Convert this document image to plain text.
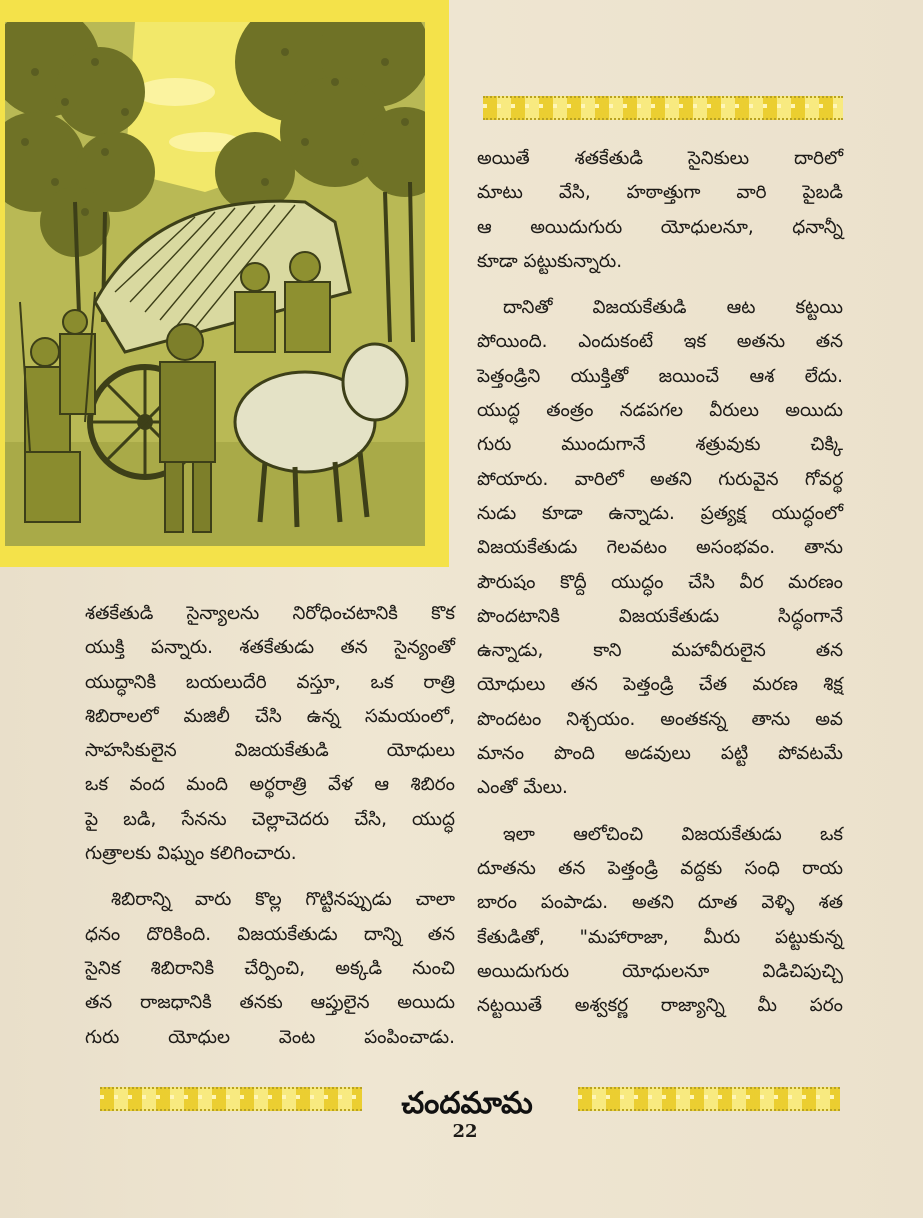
శతకేతుడి సైన్యాలను నిరోధించటానికి కొక

యుక్తి పన్నారు. శతకేతుడు తన సైన్యంతో

యుద్ధానికి బయలుదేరి వస్తూ, ఒక రాత్రి

శిబిరాలలో మజిలీ చేసి ఉన్న సమయంలో,

సాహసికులైన విజయకేతుడి యోధులు

ఒక వంద మంది అర్థరాత్రి వేళ ఆ శిబిరం

పై బడి, సేనను చెల్లాచెదరు చేసి, యుద్ధ

గుత్రాలకు విఘ్నం కలిగించారు.

శిబిరాన్ని వారు కొల్ల గొట్టినప్పుడు చాలా

ధనం దొరికింది. విజయకేతుడు దాన్ని తన

సైనిక శిబిరానికి చేర్పించి, అక్కడి నుంచి

తన రాజధానికి తనకు ఆప్తులైన అయిదు

గురు యోధుల వెంట పంపించాడు.

అయితే శతకేతుడి సైనికులు దారిలో

మాటు వేసి, హఠాత్తుగా వారి పైబడి

ఆ అయిదుగురు యోధులనూ, ధనాన్నీ

కూడా పట్టుకున్నారు.

దానితో విజయకేతుడి ఆట కట్టయి

పోయింది. ఎందుకంటే ఇక అతను తన

పెత్తండ్రిని యుక్తితో జయించే ఆశ లేదు.

యుద్ధ తంత్రం నడపగల వీరులు అయిదు

గురు ముందుగానే శత్రువుకు చిక్కి

పోయారు. వారిలో అతని గురువైన గోవర్థ

నుడు కూడా ఉన్నాడు. ప్రత్యక్ష యుద్ధంలో

విజయకేతుడు గెలవటం అసంభవం. తాను

పౌరుషం కొద్దీ యుద్ధం చేసి వీర మరణం

పొందటానికి విజయకేతుడు సిద్ధంగానే

ఉన్నాడు, కాని మహావీరులైన తన

యోధులు తన పెత్తండ్రి చేత మరణ శిక్ష

పొందటం నిశ్చయం. అంతకన్న తాను అవ

మానం పొంది అడవులు పట్టి పోవటమే

ఎంతో మేలు.

ఇలా ఆలోచించి విజయకేతుడు ఒక

దూతను తన పెత్తండ్రి వద్దకు సంధి రాయ

బారం పంపాడు. అతని దూత వెళ్ళి శత

కేతుడితో, "మహారాజా, మీరు పట్టుకున్న

అయిదుగురు యోధులనూ విడిచిపుచ్చి

నట్టయితే అశ్వకర్ణ రాజ్యాన్ని మీ పరం

చందమామ
22
